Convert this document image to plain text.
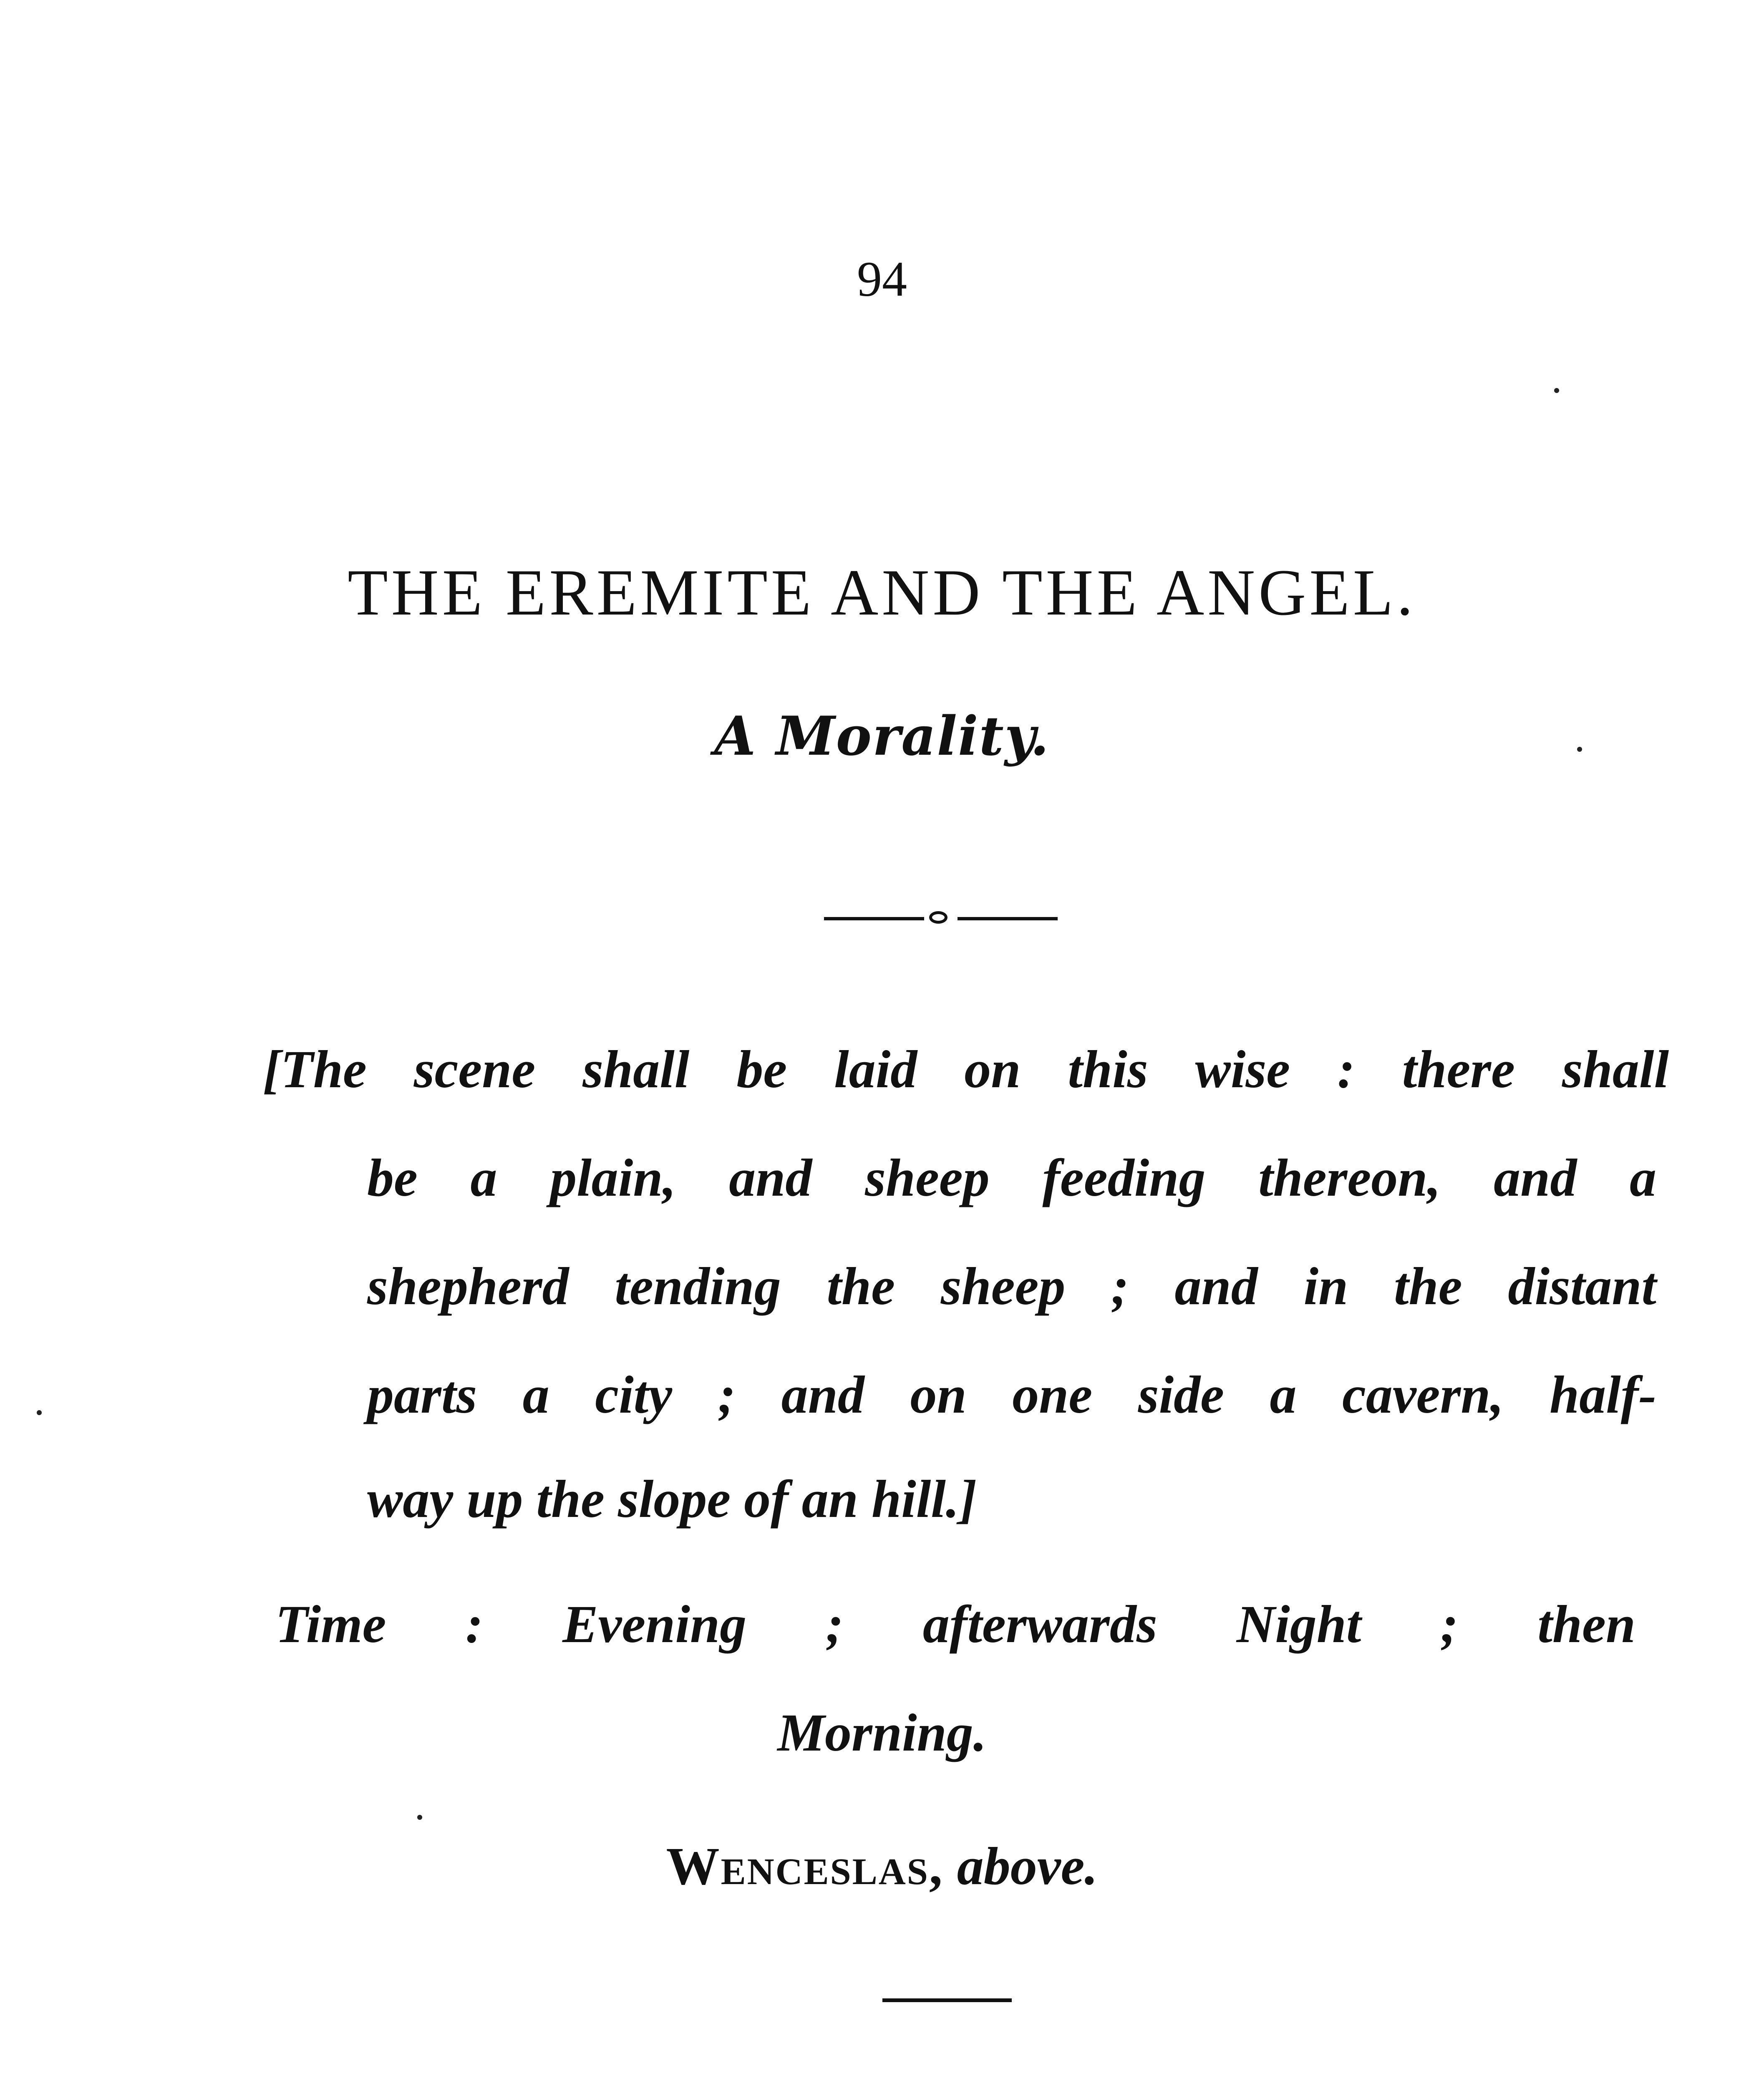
94
THE EREMITE AND THE ANGEL.
A Morality.
[The scene shall be laid on this wise : there shall
be a plain, and sheep feeding thereon, and a
shepherd tending the sheep ; and in the distant
parts a city ; and on one side a cavern, half-
way up the slope of an hill.]
Time : Evening ; afterwards Night ; then
Morning.
Wenceslas, above.
